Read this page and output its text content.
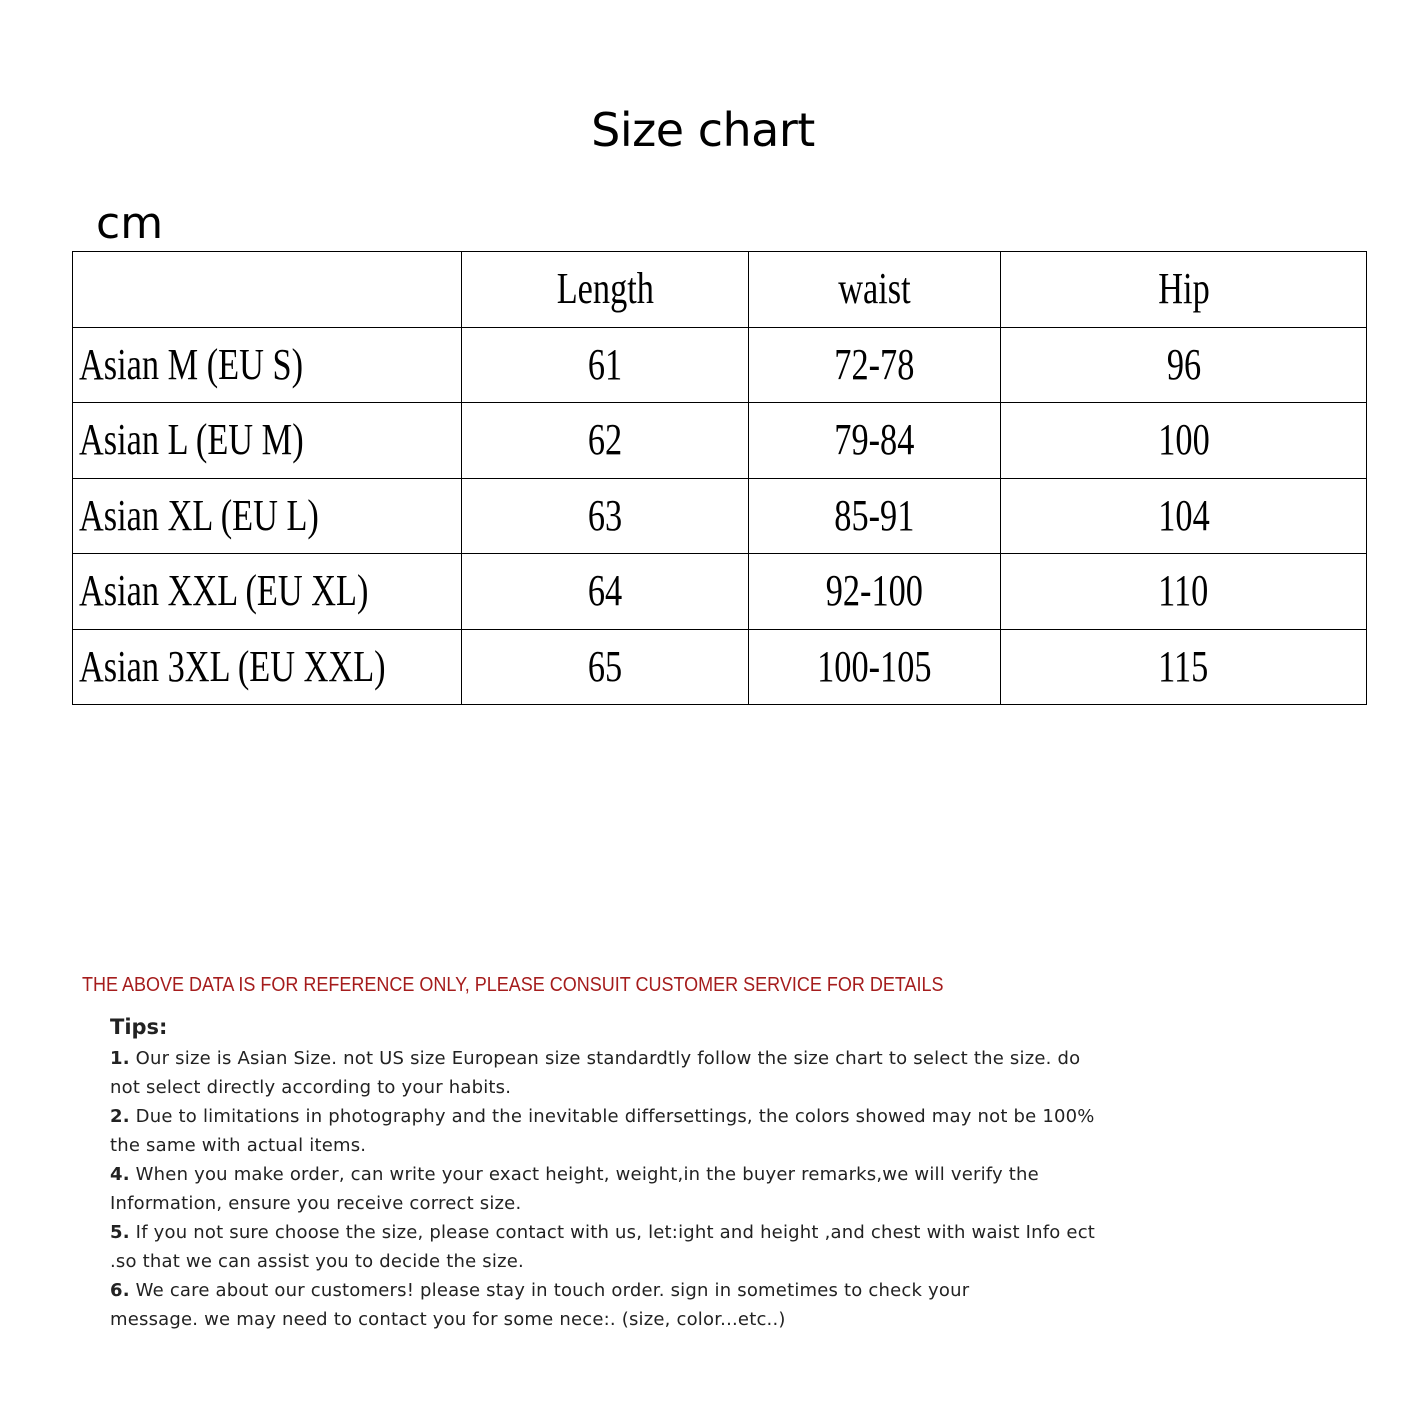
Size chart
cm
	Length	waist	Hip
Asian M (EU S)	61	72-78	96
Asian L (EU M)	62	79-84	100
Asian XL (EU L)	63	85-91	104
Asian XXL (EU XL)	64	92-100	110
Asian 3XL (EU XXL)	65	100-105	115
THE ABOVE DATA IS FOR REFERENCE ONLY, PLEASE CONSUIT CUSTOMER SERVICE FOR DETAILS
Tips:
1. Our size is Asian Size. not US size European size standardtly follow the size chart to select the size. do
not select directly according to your habits.
2. Due to limitations in photography and the inevitable differsettings, the colors showed may not be 100%
the same with actual items.
4. When you make order, can write your exact height, weight,in the buyer remarks,we will verify the
Information, ensure you receive correct size.
5. If you not sure choose the size, please contact with us, let:ight and height ,and chest with waist Info ect
.so that we can assist you to decide the size.
6. We care about our customers! please stay in touch order. sign in sometimes to check your
message. we may need to contact you for some nece:. (size, color...etc..)
